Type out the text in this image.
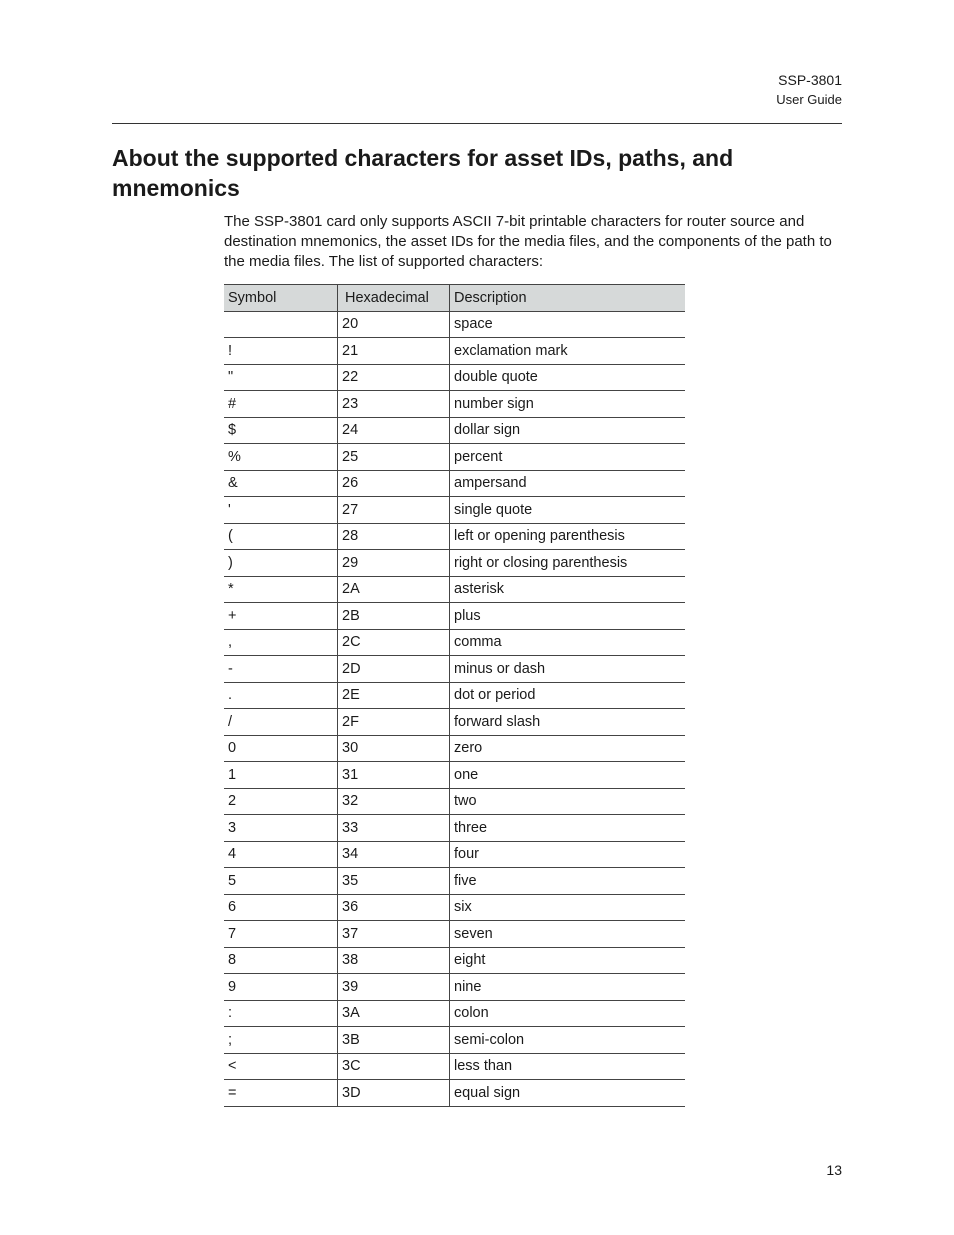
SSP-3801
User Guide
About the supported characters for asset IDs, paths, and mnemonics

The SSP-3801 card only supports ASCII 7-bit printable characters for router source and destination mnemonics, the asset IDs for the media files, and the components of the path to the media files. The list of supported characters:

Symbol	Hexadecimal	Description
	20	space
!	21	exclamation mark
"	22	double quote
#	23	number sign
$	24	dollar sign
%	25	percent
&	26	ampersand
'	27	single quote
(	28	left or opening parenthesis
)	29	right or closing parenthesis
*	2A	asterisk
+	2B	plus
,	2C	comma
-	2D	minus or dash
.	2E	dot or period
/	2F	forward slash
0	30	zero
1	31	one
2	32	two
3	33	three
4	34	four
5	35	five
6	36	six
7	37	seven
8	38	eight
9	39	nine
:	3A	colon
;	3B	semi-colon
<	3C	less than
=	3D	equal sign
13
